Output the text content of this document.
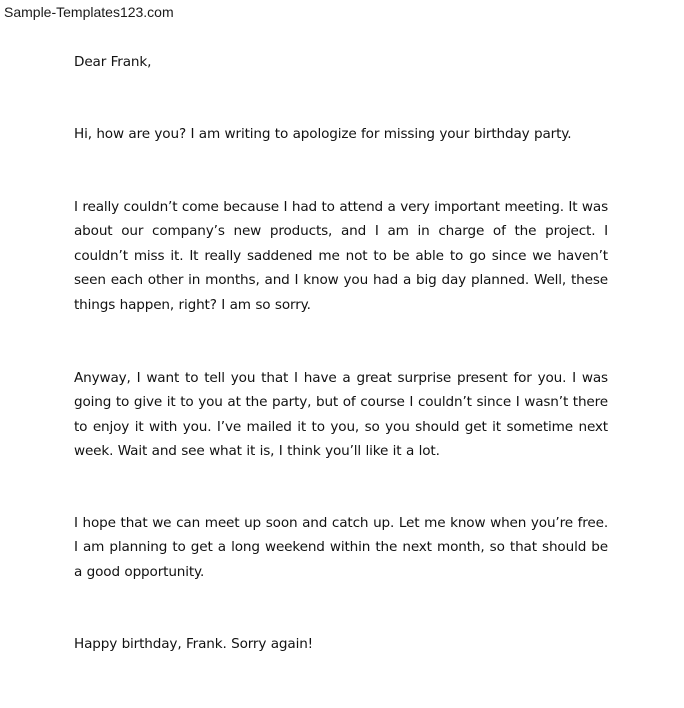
Sample-Templates123.com

Dear Frank,

Hi, how are you? I am writing to apologize for missing your birthday party.

I really couldn’t come because I had to attend a very important meeting. It was about our company’s new products, and I am in charge of the project. I couldn’t miss it. It really saddened me not to be able to go since we haven’t seen each other in months, and I know you had a big day planned. Well, these things happen, right? I am so sorry.

Anyway, I want to tell you that I have a great surprise present for you. I was going to give it to you at the party, but of course I couldn’t since I wasn’t there to enjoy it with you. I’ve mailed it to you, so you should get it sometime next week. Wait and see what it is, I think you’ll like it a lot.

I hope that we can meet up soon and catch up. Let me know when you’re free. I am planning to get a long weekend within the next month, so that should be a good opportunity.

Happy birthday, Frank. Sorry again!
